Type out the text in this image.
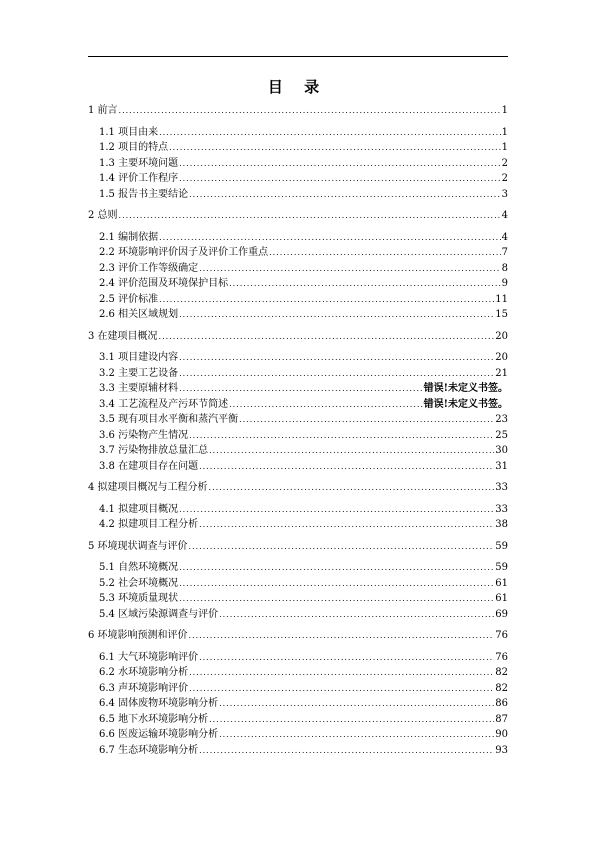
目 录
1 前言 .....	1
1.1 项目由来 .....	1
1.2 项目的特点 .....	1
1.3 主要环境问题 .....	2
1.4 评价工作程序 .....	2
1.5 报告书主要结论 .....	3
2 总则 .....	4
2.1 编制依据 .....	4
2.2 环境影响评价因子及评价工作重点 .....	7
2.3 评价工作等级确定 .....	8
2.4 评价范围及环境保护目标 .....	9
2.5 评价标准 .....	11
2.6 相关区域规划 .....	15
3 在建项目概况 .....	20
3.1 项目建设内容 .....	20
3.2 主要工艺设备 .....	21
3.3 主要原辅材料 .....	错误!未定义书签。
3.4 工艺流程及产污环节简述 .....	错误!未定义书签。
3.5 现有项目水平衡和蒸汽平衡 .....	23
3.6 污染物产生情况 .....	25
3.7 污染物排放总量汇总 .....	30
3.8 在建项目存在问题 .....	31
4 拟建项目概况与工程分析 .....	33
4.1 拟建项目概况 .....	33
4.2 拟建项目工程分析 .....	38
5 环境现状调查与评价 .....	59
5.1 自然环境概况 .....	59
5.2 社会环境概况 .....	61
5.3 环境质量现状 .....	61
5.4 区域污染源调查与评价 .....	69
6 环境影响预测和评价 .....	76
6.1 大气环境影响评价 .....	76
6.2 水环境影响分析 .....	82
6.3 声环境影响评价 .....	82
6.4 固体废物环境影响分析 .....	86
6.5 地下水环境影响分析 .....	87
6.6 医废运输环境影响分析 .....	90
6.7 生态环境影响分析 .....	93
